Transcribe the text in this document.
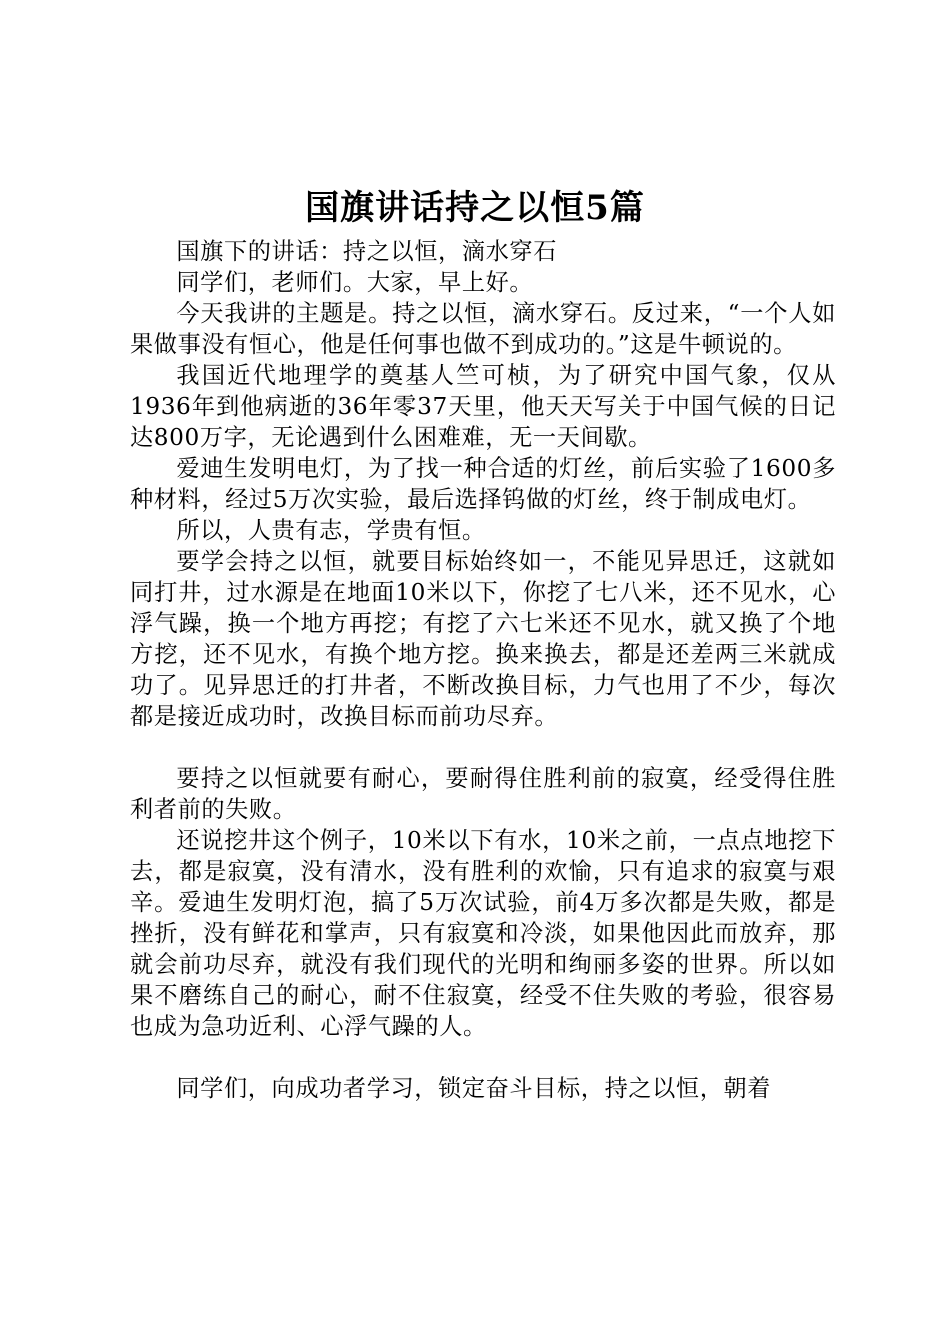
国旗讲话持之以恒5篇

国旗下的讲话：持之以恒，滴水穿石

同学们，老师们。大家，早上好。

今天我讲的主题是。持之以恒，滴水穿石。反过来，“一个人如果做事没有恒心，他是任何事也做不到成功的。”这是牛顿说的。

我国近代地理学的奠基人竺可桢，为了研究中国气象，仅从1936年到他病逝的36年零37天里，他天天写关于中国气候的日记达800万字，无论遇到什么困难难，无一天间歇。

爱迪生发明电灯，为了找一种合适的灯丝，前后实验了1600多种材料，经过5万次实验，最后选择钨做的灯丝，终于制成电灯。

所以，人贵有志，学贵有恒。

要学会持之以恒，就要目标始终如一，不能见异思迁，这就如同打井，过水源是在地面10米以下，你挖了七八米，还不见水，心浮气躁，换一个地方再挖；有挖了六七米还不见水，就又换了个地方挖，还不见水，有换个地方挖。换来换去，都是还差两三米就成功了。见异思迁的打井者，不断改换目标，力气也用了不少，每次都是接近成功时，改换目标而前功尽弃。

要持之以恒就要有耐心，要耐得住胜利前的寂寞，经受得住胜利者前的失败。

还说挖井这个例子，10米以下有水，10米之前，一点点地挖下去，都是寂寞，没有清水，没有胜利的欢愉，只有追求的寂寞与艰辛。爱迪生发明灯泡，搞了5万次试验，前4万多次都是失败，都是挫折，没有鲜花和掌声，只有寂寞和冷淡，如果他因此而放弃，那就会前功尽弃，就没有我们现代的光明和绚丽多姿的世界。所以如果不磨练自己的耐心，耐不住寂寞，经受不住失败的考验，很容易也成为急功近利、心浮气躁的人。

同学们，向成功者学习，锁定奋斗目标，持之以恒，朝着
